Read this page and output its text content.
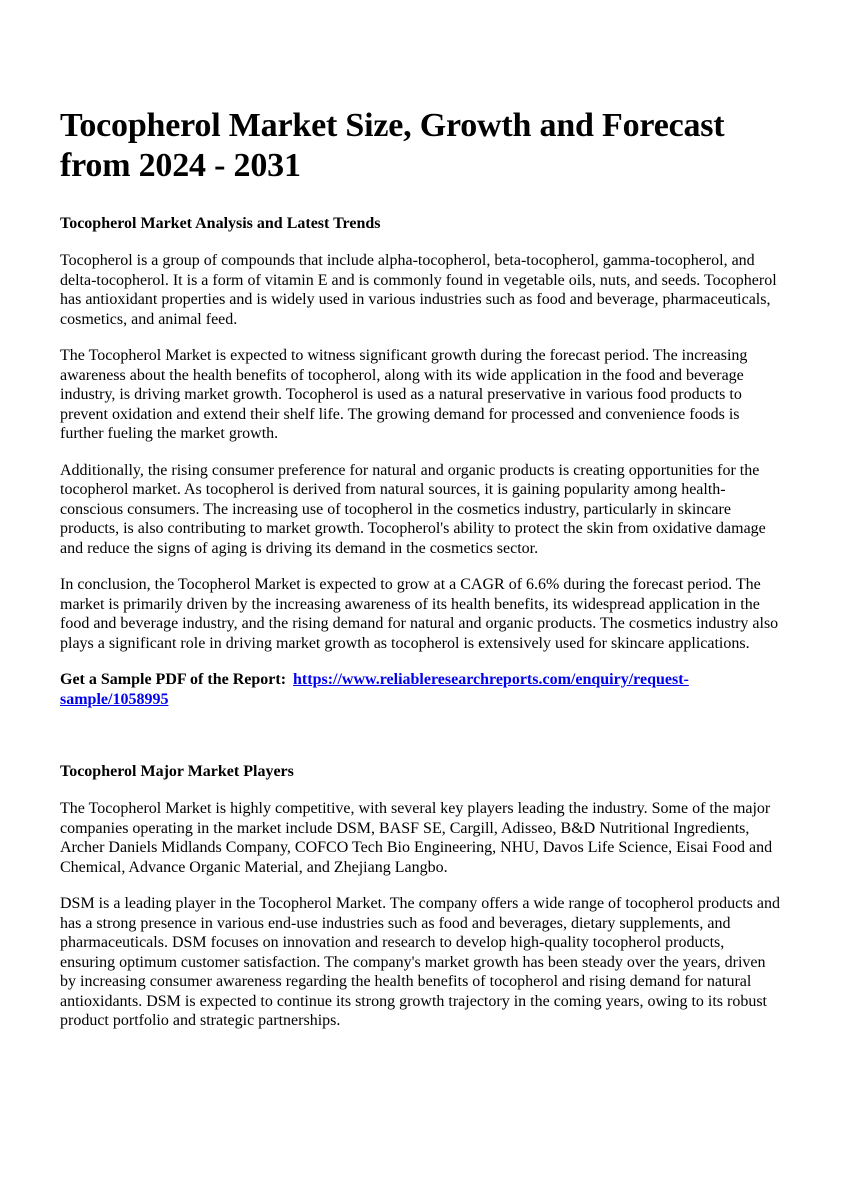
Tocopherol Market Size, Growth and Forecast from 2024 - 2031
Tocopherol Market Analysis and Latest Trends

Tocopherol is a group of compounds that include alpha-tocopherol, beta-tocopherol, gamma-tocopherol, and delta-tocopherol. It is a form of vitamin E and is commonly found in vegetable oils, nuts, and seeds. Tocopherol has antioxidant properties and is widely used in various industries such as food and beverage, pharmaceuticals, cosmetics, and animal feed.

The Tocopherol Market is expected to witness significant growth during the forecast period. The increasing awareness about the health benefits of tocopherol, along with its wide application in the food and beverage industry, is driving market growth. Tocopherol is used as a natural preservative in various food products to prevent oxidation and extend their shelf life. The growing demand for processed and convenience foods is further fueling the market growth.

Additionally, the rising consumer preference for natural and organic products is creating opportunities for the tocopherol market. As tocopherol is derived from natural sources, it is gaining popularity among health-conscious consumers. The increasing use of tocopherol in the cosmetics industry, particularly in skincare products, is also contributing to market growth. Tocopherol's ability to protect the skin from oxidative damage and reduce the signs of aging is driving its demand in the cosmetics sector.

In conclusion, the Tocopherol Market is expected to grow at a CAGR of 6.6% during the forecast period. The market is primarily driven by the increasing awareness of its health benefits, its widespread application in the food and beverage industry, and the rising demand for natural and organic products. The cosmetics industry also plays a significant role in driving market growth as tocopherol is extensively used for skincare applications.

Get a Sample PDF of the Report: https://www.reliableresearchreports.com/enquiry/request-sample/1058995

Tocopherol Major Market Players

The Tocopherol Market is highly competitive, with several key players leading the industry. Some of the major companies operating in the market include DSM, BASF SE, Cargill, Adisseo, B&D Nutritional Ingredients, Archer Daniels Midlands Company, COFCO Tech Bio Engineering, NHU, Davos Life Science, Eisai Food and Chemical, Advance Organic Material, and Zhejiang Langbo.

DSM is a leading player in the Tocopherol Market. The company offers a wide range of tocopherol products and has a strong presence in various end-use industries such as food and beverages, dietary supplements, and pharmaceuticals. DSM focuses on innovation and research to develop high-quality tocopherol products, ensuring optimum customer satisfaction. The company's market growth has been steady over the years, driven by increasing consumer awareness regarding the health benefits of tocopherol and rising demand for natural antioxidants. DSM is expected to continue its strong growth trajectory in the coming years, owing to its robust product portfolio and strategic partnerships.
